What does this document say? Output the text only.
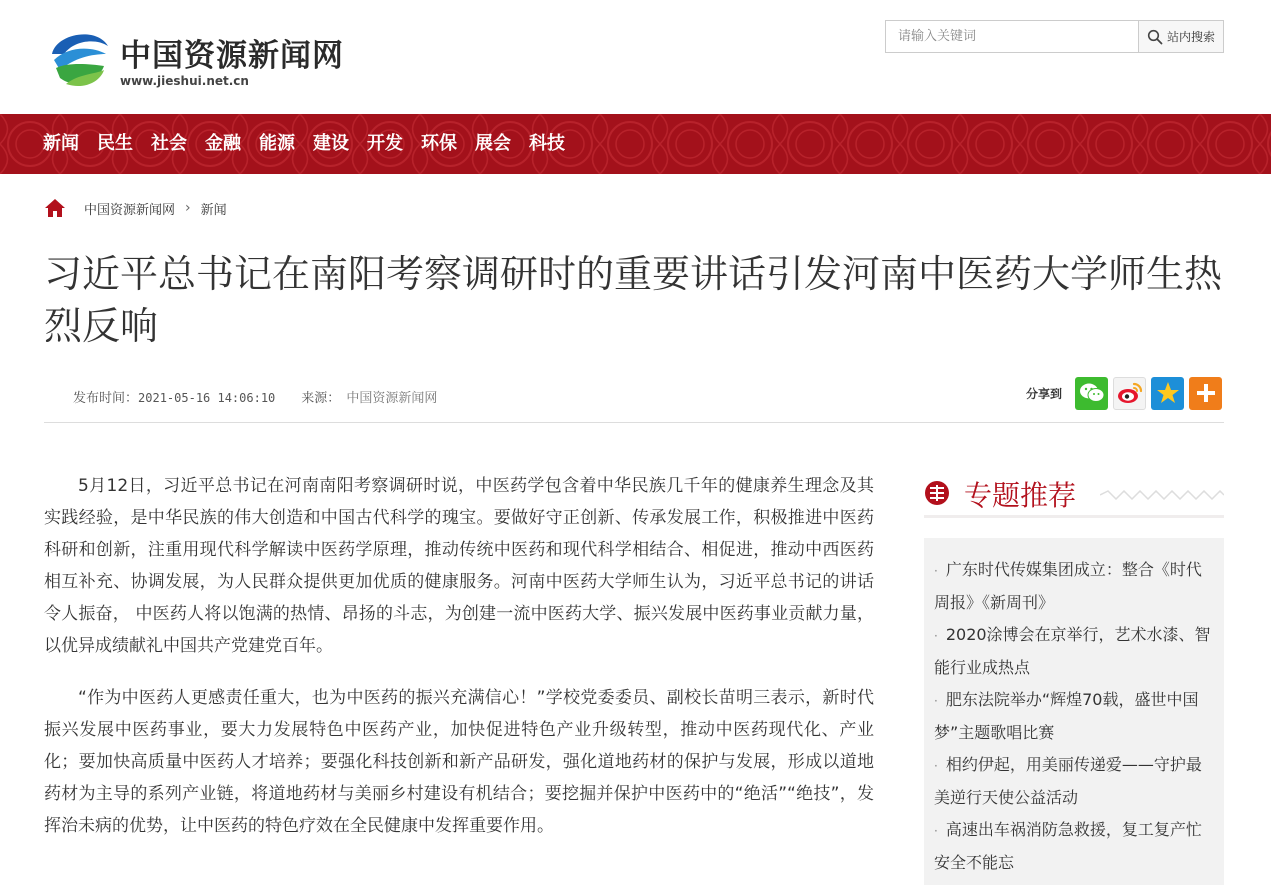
中国资源新闻网
www.jieshui.net.cn
请输入关键词
站内搜索
新闻	民生	社会	金融	能源	建设	开发	环保	展会	科技
中国资源新闻网 › 新闻
习近平总书记在南阳考察调研时的重要讲话引发河南中医药大学师生热烈反响
发布时间：2021-05-16 14:06:10 来源： 中国资源新闻网	分享到

5月12日，习近平总书记在河南南阳考察调研时说，中医药学包含着中华民族几千年的健康养生理念及其实践经验，是中华民族的伟大创造和中国古代科学的瑰宝。要做好守正创新、传承发展工作，积极推进中医药科研和创新，注重用现代科学解读中医药学原理，推动传统中医药和现代科学相结合、相促进，推动中西医药相互补充、协调发展，为人民群众提供更加优质的健康服务。河南中医药大学师生认为，习近平总书记的讲话令人振奋， 中医药人将以饱满的热情、昂扬的斗志，为创建一流中医药大学、振兴发展中医药事业贡献力量，以优异成绩献礼中国共产党建党百年。

“作为中医药人更感责任重大，也为中医药的振兴充满信心！”学校党委委员、副校长苗明三表示，新时代振兴发展中医药事业，要大力发展特色中医药产业，加快促进特色产业升级转型，推动中医药现代化、产业化；要加快高质量中医药人才培养；要强化科技创新和新产品研发，强化道地药材的保护与发展，形成以道地药材为主导的系列产业链，将道地药材与美丽乡村建设有机结合；要挖掘并保护中医药中的“绝活”“绝技”，发挥治未病的优势，让中医药的特色疗效在全民健康中发挥重要作用。

专题推荐
· 广东时代传媒集团成立：整合《时代周报》《新周刊》
· 2020涂博会在京举行，艺术水漆、智能行业成热点
· 肥东法院举办“辉煌70载，盛世中国梦”主题歌唱比赛
· 相约伊起，用美丽传递爱——守护最美逆行天使公益活动
· 高速出车祸消防急救援，复工复产忙安全不能忘
